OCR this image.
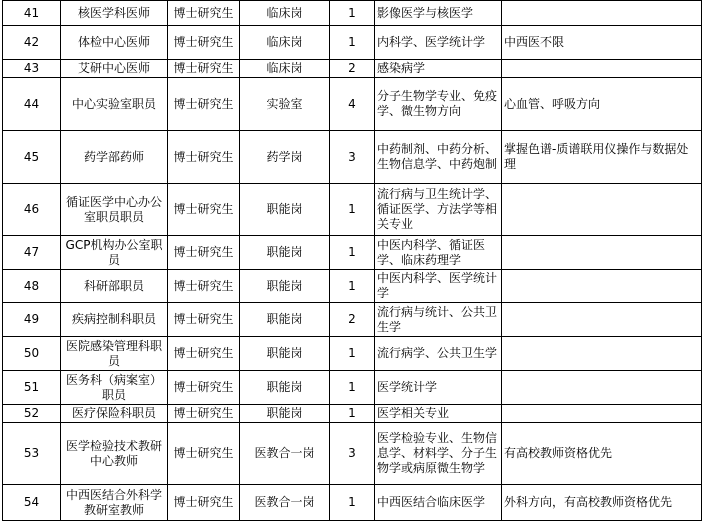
41	核医学科医师	博士研究生	临床岗	1	影像医学与核医学	
42	体检中心医师	博士研究生	临床岗	1	内科学、医学统计学	中西医不限
43	艾研中心医师	博士研究生	临床岗	2	感染病学	
44	中心实验室职员	博士研究生	实验室	4	分子生物学专业、免疫学、微生物方向	心血管、呼吸方向
45	药学部药师	博士研究生	药学岗	3	中药制剂、中药分析、生物信息学、中药炮制	掌握色谱-质谱联用仪操作与数据处理
46	循证医学中心办公室职员职员	博士研究生	职能岗	1	流行病与卫生统计学、循证医学、方法学等相关专业	
47	GCP机构办公室职员	博士研究生	职能岗	1	中医内科学、循证医学、临床药理学	
48	科研部职员	博士研究生	职能岗	1	中医内科学、医学统计学	
49	疾病控制科职员	博士研究生	职能岗	2	流行病与统计、公共卫生学	
50	医院感染管理科职员	博士研究生	职能岗	1	流行病学、公共卫生学	
51	医务科（病案室）职员	博士研究生	职能岗	1	医学统计学	
52	医疗保险科职员	博士研究生	职能岗	1	医学相关专业	
53	医学检验技术教研中心教师	博士研究生	医教合一岗	3	医学检验专业、生物信息学、材料学、分子生物学或病原微生物学	有高校教师资格优先
54	中西医结合外科学教研室教师	博士研究生	医教合一岗	1	中西医结合临床医学	外科方向，有高校教师资格优先
